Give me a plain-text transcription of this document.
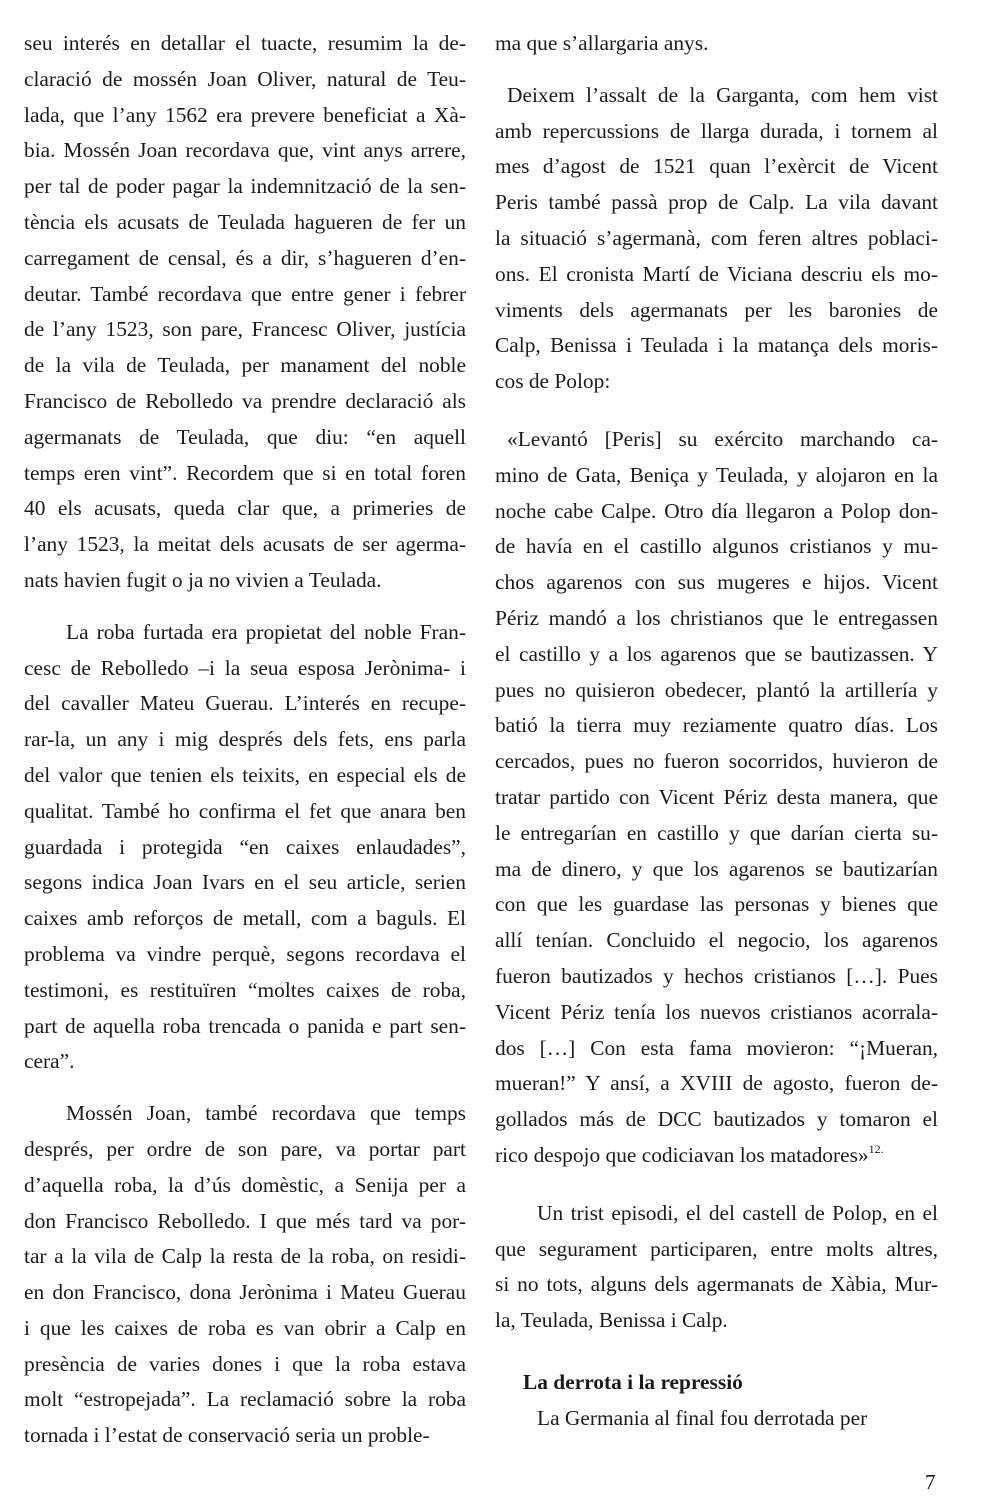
seu interés en detallar el tuacte, resumim la de-
claració de mossén Joan Oliver, natural de Teu-
lada, que l’any 1562 era prevere beneficiat a Xà-
bia. Mossén Joan recordava que, vint anys arrere,
per tal de poder pagar la indemnització de la sen-
tència els acusats de Teulada hagueren de fer un
carregament de censal, és a dir, s’hagueren d’en-
deutar. També recordava que entre gener i febrer
de l’any 1523, son pare, Francesc Oliver, justícia
de la vila de Teulada, per manament del noble
Francisco de Rebolledo va prendre declaració als
agermanats de Teulada, que diu: “en aquell
temps eren vint”. Recordem que si en total foren
40 els acusats, queda clar que, a primeries de
l’any 1523, la meitat dels acusats de ser agerma-
nats havien fugit o ja no vivien a Teulada.
La roba furtada era propietat del noble Fran-
cesc de Rebolledo –i la seua esposa Jerònima- i
del cavaller Mateu Guerau. L’interés en recupe-
rar-la, un any i mig després dels fets, ens parla
del valor que tenien els teixits, en especial els de
qualitat. També ho confirma el fet que anara ben
guardada i protegida “en caixes enlaudades”,
segons indica Joan Ivars en el seu article, serien
caixes amb reforços de metall, com a baguls. El
problema va vindre perquè, segons recordava el
testimoni, es restituïren “moltes caixes de roba,
part de aquella roba trencada o panida e part sen-
cera”.
Mossén Joan, també recordava que temps
després, per ordre de son pare, va portar part
d’aquella roba, la d’ús domèstic, a Senija per a
don Francisco Rebolledo. I que més tard va por-
tar a la vila de Calp la resta de la roba, on residi-
en don Francisco, dona Jerònima i Mateu Guerau
i que les caixes de roba es van obrir a Calp en
presència de varies dones i que la roba estava
molt “estropejada”. La reclamació sobre la roba
tornada i l’estat de conservació seria un proble-
ma que s’allargaria anys.
Deixem l’assalt de la Garganta, com hem vist
amb repercussions de llarga durada, i tornem al
mes d’agost de 1521 quan l’exèrcit de Vicent
Peris també passà prop de Calp. La vila davant
la situació s’agermanà, com feren altres poblaci-
ons. El cronista Martí de Viciana descriu els mo-
viments dels agermanats per les baronies de
Calp, Benissa i Teulada i la matança dels moris-
cos de Polop:
«Levantó [Peris] su exército marchando ca-
mino de Gata, Beniça y Teulada, y alojaron en la
noche cabe Calpe. Otro día llegaron a Polop don-
de havía en el castillo algunos cristianos y mu-
chos agarenos con sus mugeres e hijos. Vicent
Périz mandó a los christianos que le entregassen
el castillo y a los agarenos que se bautizassen. Y
pues no quisieron obedecer, plantó la artillería y
batió la tierra muy reziamente quatro días. Los
cercados, pues no fueron socorridos, huvieron de
tratar partido con Vicent Périz desta manera, que
le entregarían en castillo y que darían cierta su-
ma de dinero, y que los agarenos se bautizarían
con que les guardase las personas y bienes que
allí tenían. Concluido el negocio, los agarenos
fueron bautizados y hechos cristianos […]. Pues
Vicent Périz tenía los nuevos cristianos acorrala-
dos […] Con esta fama movieron: “¡Mueran,
mueran!” Y ansí, a XVIII de agosto, fueron de-
gollados más de DCC bautizados y tomaron el
rico despojo que codiciavan los matadores»$^{12.}$
Un trist episodi, el del castell de Polop, en el
que segurament participaren, entre molts altres,
si no tots, alguns dels agermanats de Xàbia, Mur-
la, Teulada, Benissa i Calp.
La derrota i la repressió
La Germania al final fou derrotada per
7
